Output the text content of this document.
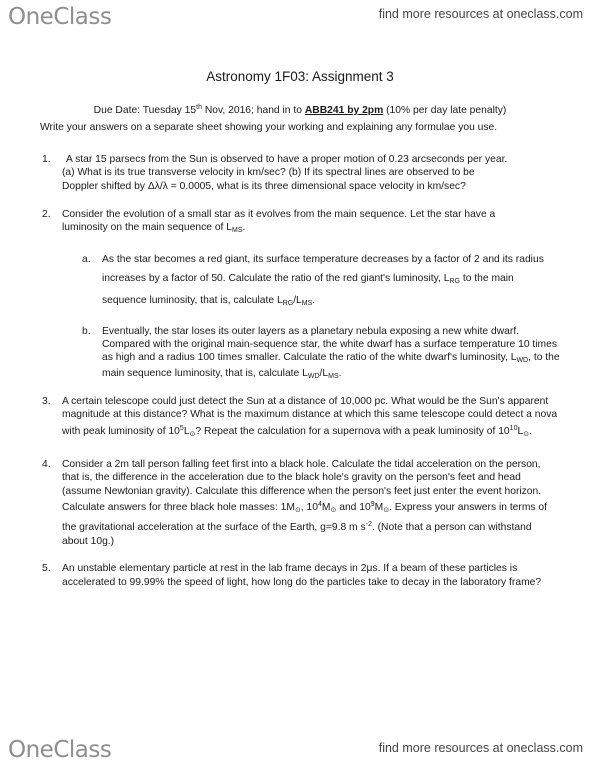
OneClass	find more resources at oneclass.com
Astronomy 1F03: Assignment 3

Due Date: Tuesday 15th Nov, 2016; hand in to ABB241 by 2pm (10% per day late penalty)

Write your answers on a separate sheet showing your working and explaining any formulae you use.

1.	A star 15 parsecs from the Sun is observed to have a proper motion of 0.23 arcseconds per year.
(a) What is its true transverse velocity in km/sec? (b) If its spectral lines are observed to be
Doppler shifted by Δλ/λ = 0.0005, what is its three dimensional space velocity in km/sec?
2. Consider the evolution of a small star as it evolves from the main sequence. Let the star have a
luminosity on the main sequence of $L_{MS}$.
a. As the star becomes a red giant, its surface temperature decreases by a factor of 2 and its radius increases by a factor of 50. Calculate the ratio of the red giant's luminosity, $L_{RG}$ to the main sequence luminosity, that is, calculate $L_{RG}/L_{MS}$.
b. Eventually, the star loses its outer layers as a planetary nebula exposing a new white dwarf. Compared with the original main-sequence star, the white dwarf has a surface temperature 10 times as high and a radius 100 times smaller. Calculate the ratio of the white dwarf's luminosity, $L_{WD}$, to the main sequence luminosity, that is, calculate $L_{WD}/L_{MS}$.
3. A certain telescope could just detect the Sun at a distance of 10,000 pc. What would be the Sun's apparent magnitude at this distance? What is the maximum distance at which this same telescope could detect a nova with peak luminosity of $10^5L_⊙$? Repeat the calculation for a supernova with a peak luminosity of $10^{10}L_⊙$.
4. Consider a 2m tall person falling feet first into a black hole. Calculate the tidal acceleration on the person, that is, the difference in the acceleration due to the black hole's gravity on the person's feet and head (assume Newtonian gravity). Calculate this difference when the person's feet just enter the event horizon. Calculate answers for three black hole masses: $1M_⊙$, $10^4M_⊙$ and $10^9M_⊙$. Express your answers in terms of the gravitational acceleration at the surface of the Earth, g=9.8 m $s^{-2}$. (Note that a person can withstand about 10g.)
5. An unstable elementary particle at rest in the lab frame decays in 2μs. If a beam of these particles is accelerated to 99.99% the speed of light, how long do the particles take to decay in the laboratory frame?
OneClass	find more resources at oneclass.com
